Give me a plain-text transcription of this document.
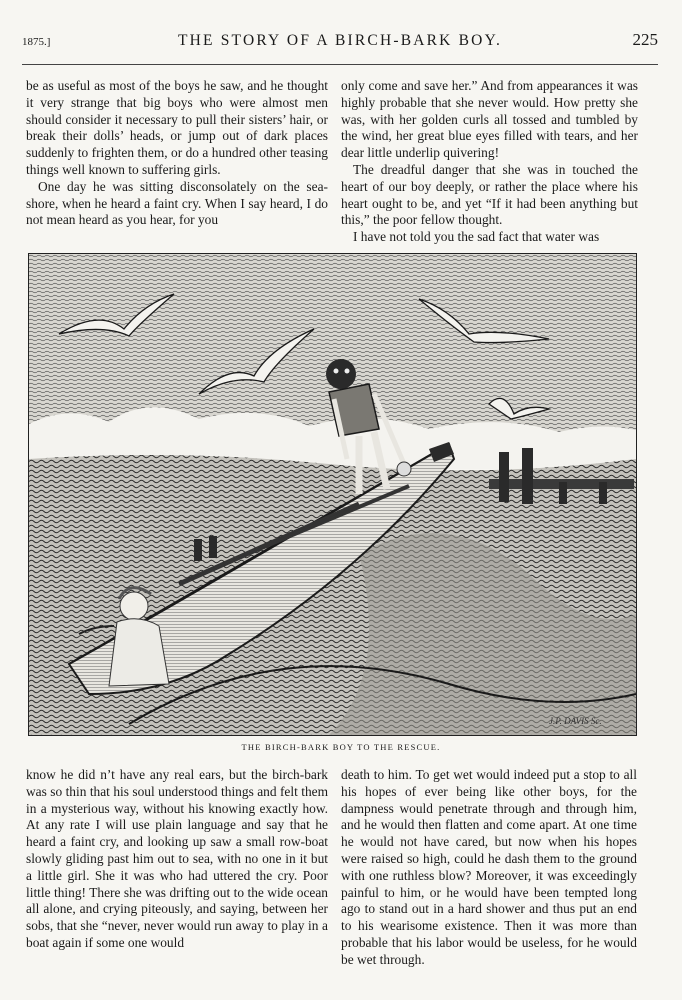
1875.]	THE STORY OF A BIRCH-BARK BOY.	225

be as useful as most of the boys he saw, and he thought it very strange that big boys who were almost men should consider it necessary to pull their sisters’ hair, or break their dolls’ heads, or jump out of dark places suddenly to frighten them, or do a hundred other teasing things well known to suffering girls.

One day he was sitting disconsolately on the sea-shore, when he heard a faint cry. When I say heard, I do not mean heard as you hear, for you

only come and save her.” And from appearances it was highly probable that she never would. How pretty she was, with her golden curls all tossed and tumbled by the wind, her great blue eyes filled with tears, and her dear little underlip quivering!

The dreadful danger that she was in touched the heart of our boy deeply, or rather the place where his heart ought to be, and yet “If it had been anything but this,” the poor fellow thought.

I have not told you the sad fact that water was

J.P. DAVIS Sc.
THE BIRCH-BARK BOY TO THE RESCUE.

know he did n’t have any real ears, but the birch-bark was so thin that his soul understood things and felt them in a mysterious way, without his knowing exactly how. At any rate I will use plain language and say that he heard a faint cry, and looking up saw a small row-boat slowly gliding past him out to sea, with no one in it but a little girl. She it was who had uttered the cry. Poor little thing! There she was drifting out to the wide ocean all alone, and crying piteously, and saying, between her sobs, that she “never, never would run away to play in a boat again if some one would

death to him. To get wet would indeed put a stop to all his hopes of ever being like other boys, for the dampness would penetrate through and through him, and he would then flatten and come apart. At one time he would not have cared, but now when his hopes were raised so high, could he dash them to the ground with one ruthless blow? Moreover, it was exceedingly painful to him, or he would have been tempted long ago to stand out in a hard shower and thus put an end to his wearisome existence. Then it was more than probable that his labor would be useless, for he would be wet through.
